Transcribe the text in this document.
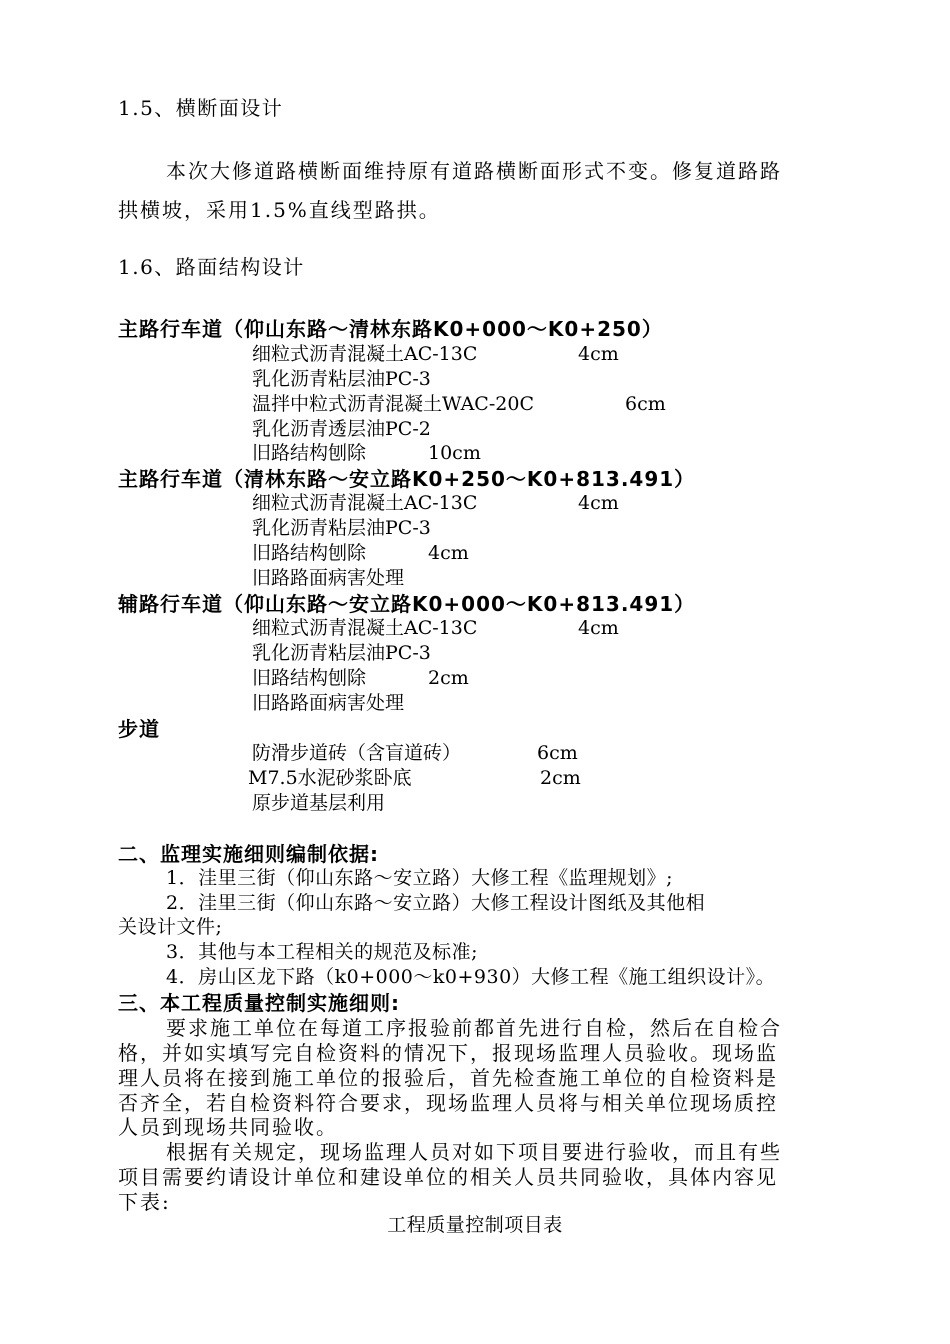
1.5、横断面设计
本次大修道路横断面维持原有道路横断面形式不变。修复道路路
拱横坡，采用1.5%直线型路拱。
1.6、路面结构设计
主路行车道（仰山东路～清林东路K0+000～K0+250）
细粒式沥青混凝土AC-13C	4cm
乳化沥青粘层油PC-3
温拌中粒式沥青混凝土WAC-20C	6cm
乳化沥青透层油PC-2
旧路结构刨除	10cm
主路行车道（清林东路～安立路K0+250～K0+813.491）
细粒式沥青混凝土AC-13C	4cm
乳化沥青粘层油PC-3
旧路结构刨除	4cm
旧路路面病害处理
辅路行车道（仰山东路～安立路K0+000～K0+813.491）
细粒式沥青混凝土AC-13C	4cm
乳化沥青粘层油PC-3
旧路结构刨除	2cm
旧路路面病害处理
步道
防滑步道砖（含盲道砖）	6cm
M7.5水泥砂浆卧底	2cm
原步道基层利用
二、监理实施细则编制依据:
1．洼里三街（仰山东路～安立路）大修工程《监理规划》;
2．洼里三街（仰山东路～安立路）大修工程设计图纸及其他相
关设计文件;
3．其他与本工程相关的规范及标准;
4．房山区龙下路（k0+000～k0+930）大修工程《施工组织设计》。
三、本工程质量控制实施细则:
要求施工单位在每道工序报验前都首先进行自检，然后在自检合
格，并如实填写完自检资料的情况下，报现场监理人员验收。现场监
理人员将在接到施工单位的报验后，首先检查施工单位的自检资料是
否齐全，若自检资料符合要求，现场监理人员将与相关单位现场质控
人员到现场共同验收。
根据有关规定，现场监理人员对如下项目要进行验收，而且有些
项目需要约请设计单位和建设单位的相关人员共同验收，具体内容见
下表:
工程质量控制项目表
